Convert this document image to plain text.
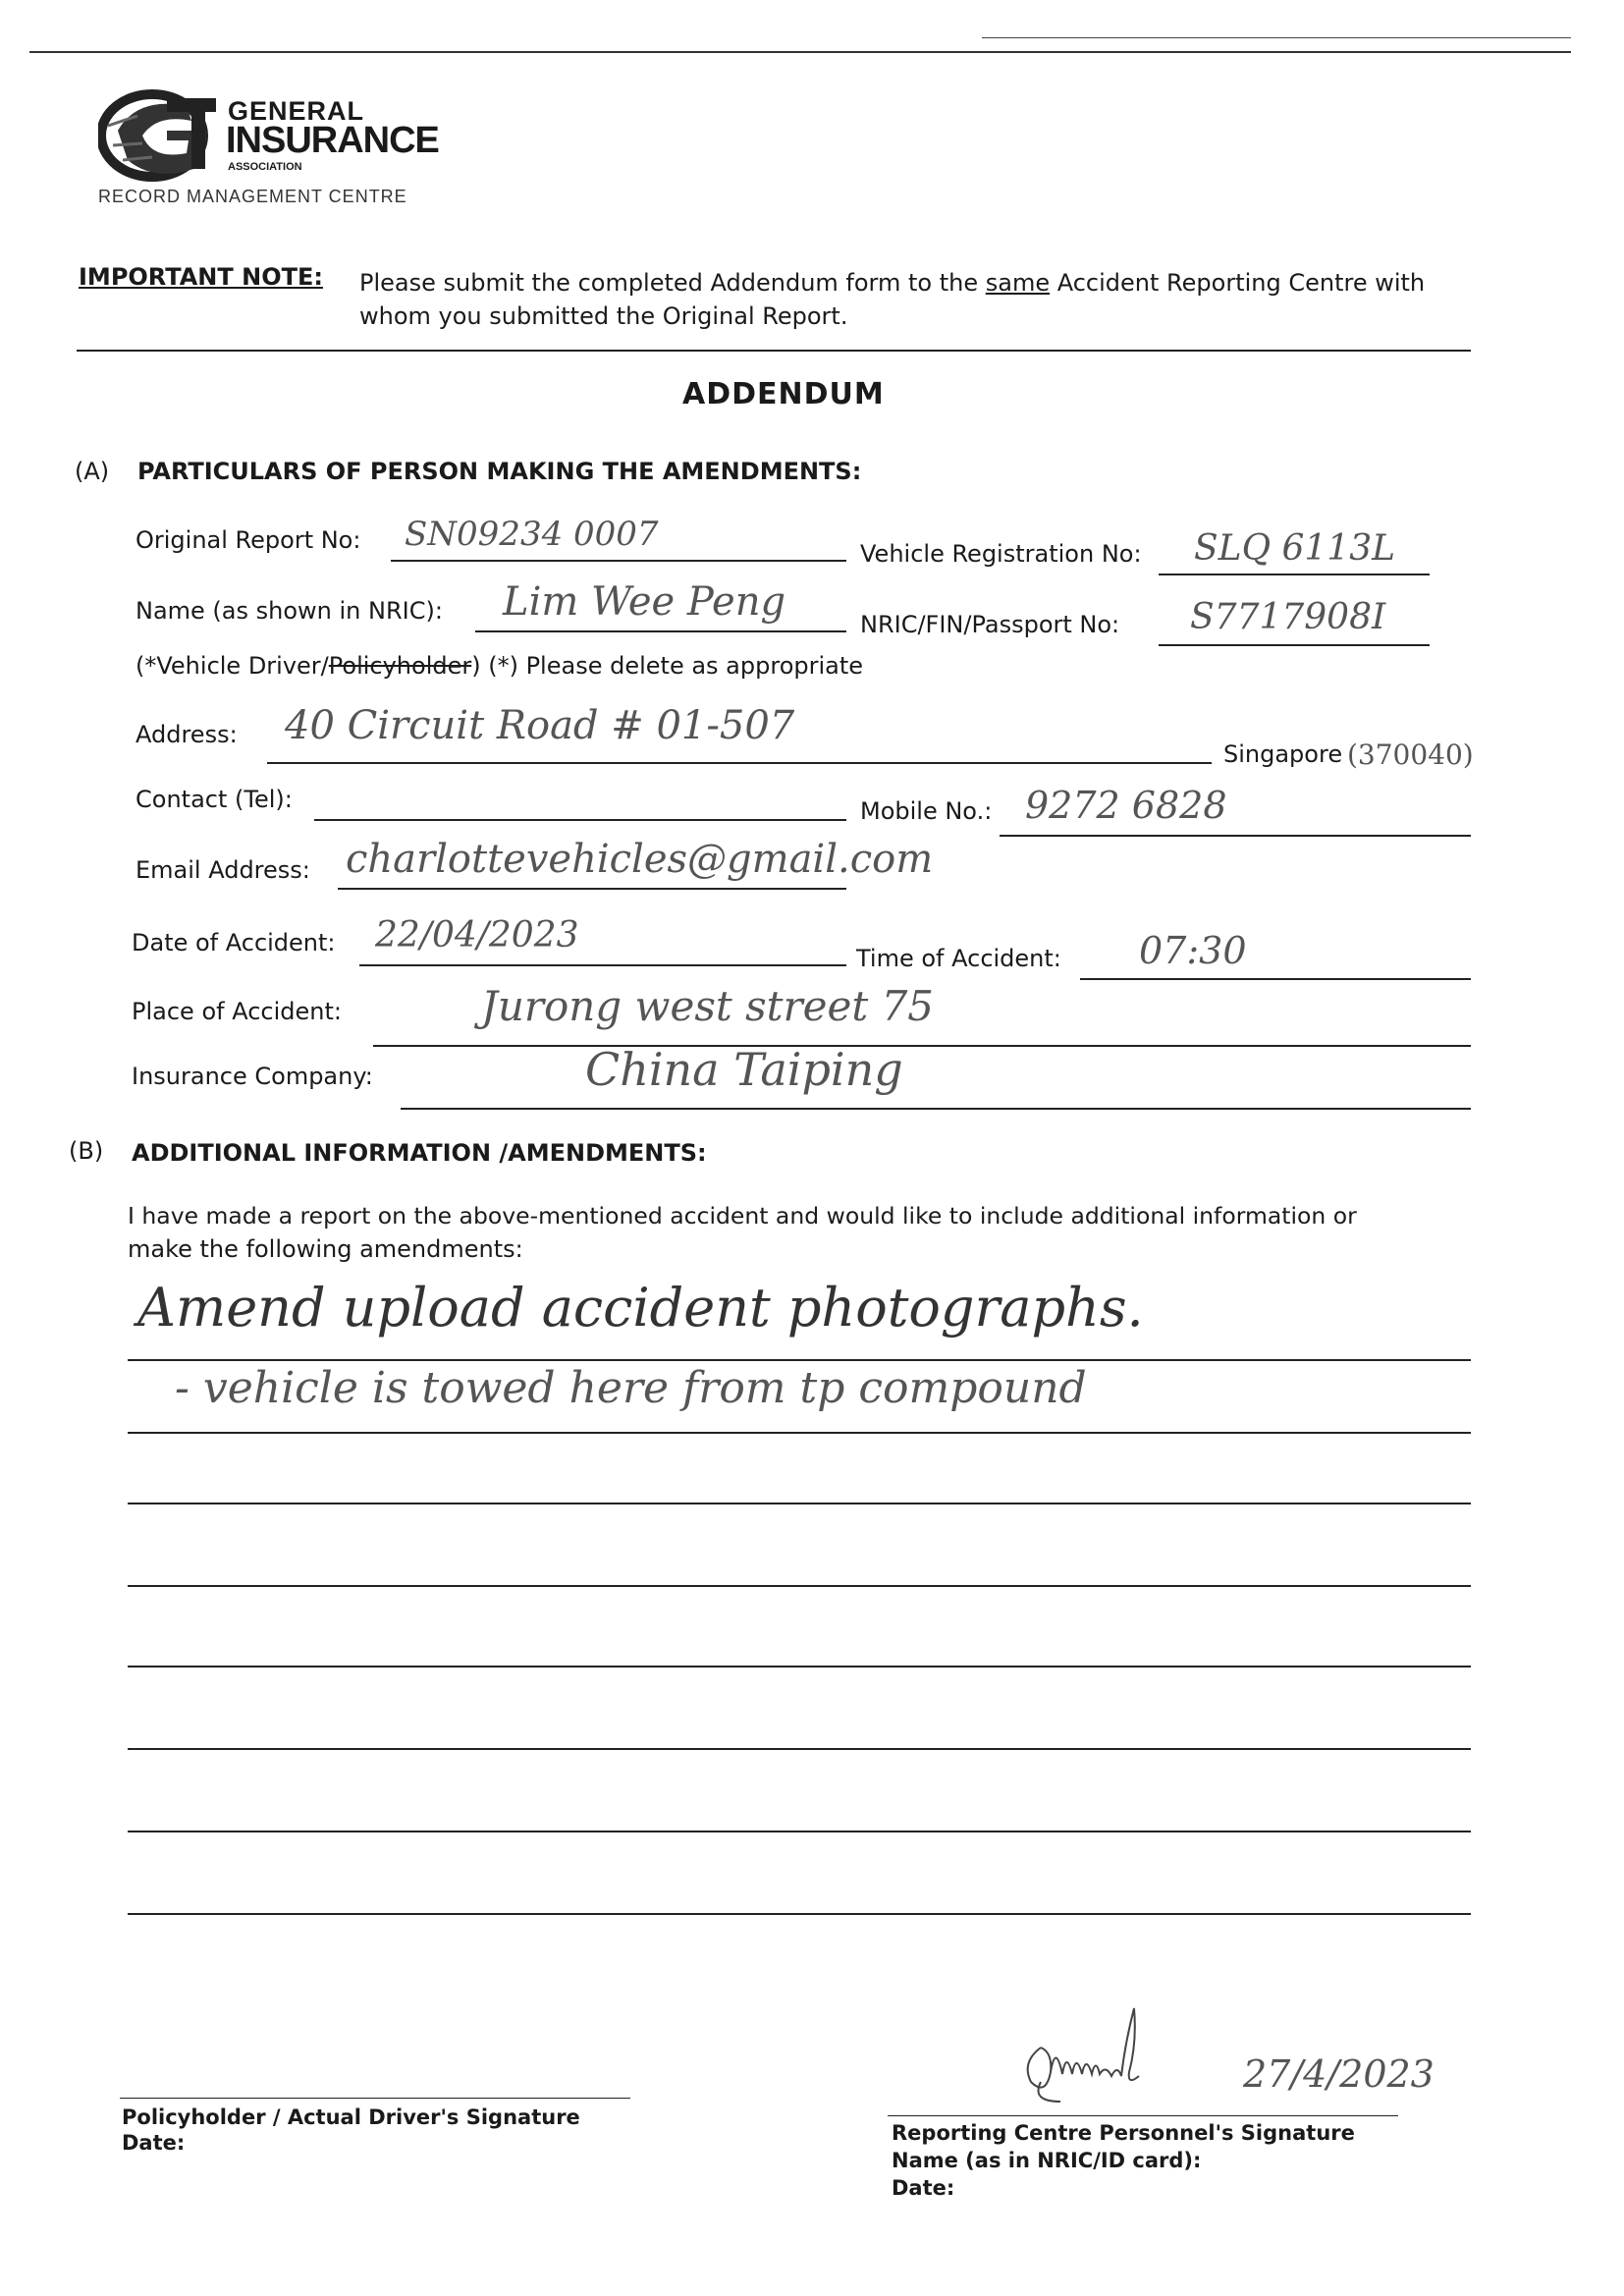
GENERAL
INSURANCE
ASSOCIATION
RECORD MANAGEMENT CENTRE
IMPORTANT NOTE: Please submit the completed Addendum form to the same Accident Reporting Centre with
whom you submitted the Original Report.
ADDENDUM
(A) PARTICULARS OF PERSON MAKING THE AMENDMENTS:
Original Report No: SN09234 0007	Vehicle Registration No: SLQ 6113L
Name (as shown in NRIC): Lim Wee Peng	NRIC/FIN/Passport No: S7717908I
(*Vehicle Driver/Policyholder) (*) Please delete as appropriate
Address: 40 Circuit Road # 01-507
Singapore (370040)
Contact (Tel):	Mobile No.: 9272 6828
Email Address: charlottevehicles@gmail.com
Date of Accident: 22/04/2023
Time of Accident: 07:30
Place of Accident:	Jurong west street 75
Insurance Company:	China Taiping
(B) ADDITIONAL INFORMATION /AMENDMENTS:
I have made a report on the above-mentioned accident and would like to include additional information or
make the following amendments:
Amend upload accident photographs.
- vehicle is towed here from tp compound
Policyholder / Actual Driver's Signature
Date:
27/4/2023
Reporting Centre Personnel's Signature
Name (as in NRIC/ID card):
Date:
